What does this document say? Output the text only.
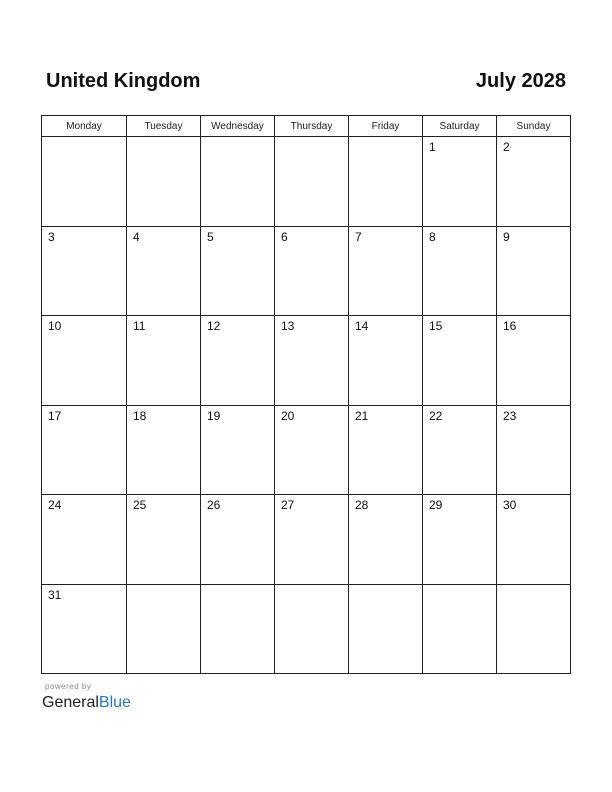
United Kingdom	July 2028
Monday	Tuesday	Wednesday	Thursday	Friday	Saturday	Sunday

					1	2

3	4	5	6	7	8	9

10	11	12	13	14	15	16

17	18	19	20	21	22	23

24	25	26	27	28	29	30

31						

powered by
GeneralBlue
